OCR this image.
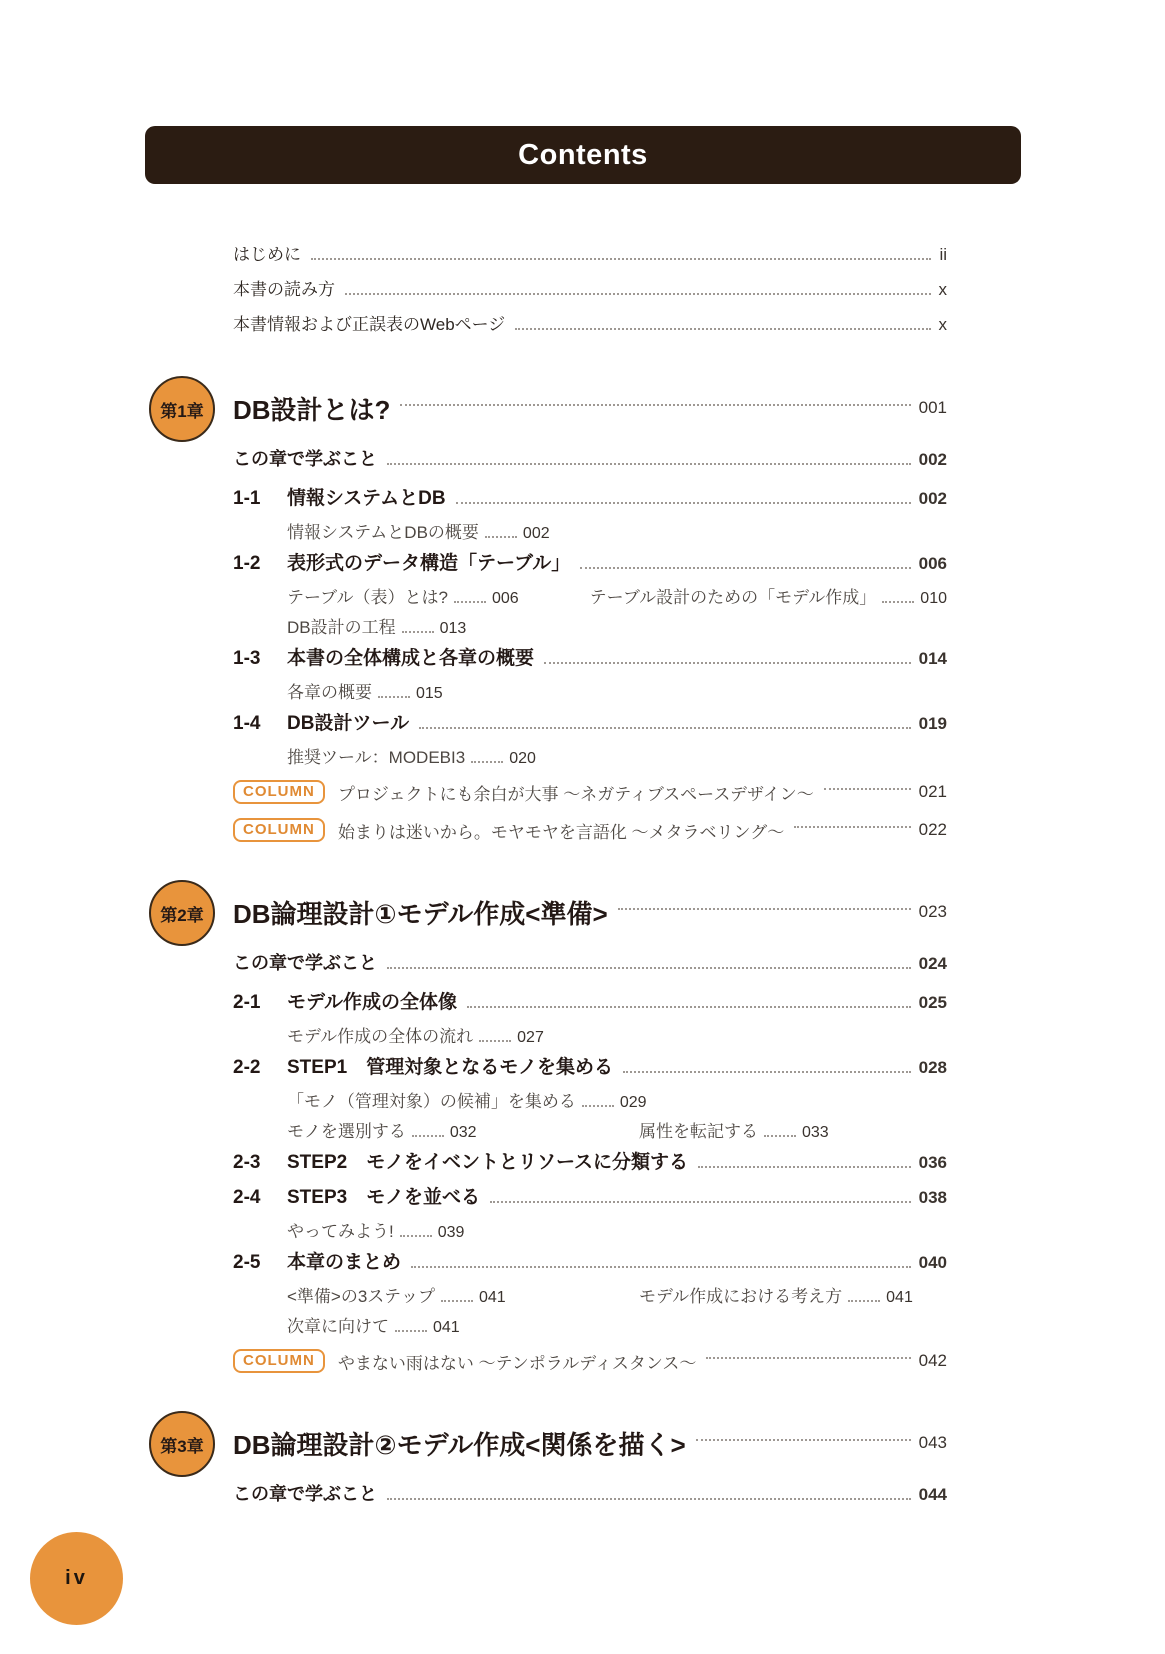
Contents
はじめに	ii
本書の読み方	x
本書情報および正誤表のWebページ	x
第1章 DB設計とは?	001
この章で学ぶこと	002
1-1	情報システムとDB	002
情報システムとDBの概要	002
1-2	表形式のデータ構造「テーブル」	006
テーブル（表）とは?	006	テーブル設計のための「モデル作成」	010
DB設計の工程	013
1-3	本書の全体構成と各章の概要	014
各章の概要	015
1-4	DB設計ツール	019
推奨ツール：MODEBI3	020
COLUMN	プロジェクトにも余白が大事 〜ネガティブスペースデザイン〜	021
COLUMN	始まりは迷いから。モヤモヤを言語化 〜メタラベリング〜	022
第2章 DB論理設計①モデル作成<準備>	023
この章で学ぶこと	024
2-1	モデル作成の全体像	025
モデル作成の全体の流れ	027
2-2	STEP1　管理対象となるモノを集める	028
「モノ（管理対象）の候補」を集める	029
モノを選別する	032	属性を転記する	033
2-3	STEP2　モノをイベントとリソースに分類する	036
2-4	STEP3　モノを並べる	038
やってみよう!	039
2-5	本章のまとめ	040
<準備>の3ステップ	041	モデル作成における考え方	041
次章に向けて	041
COLUMN	やまない雨はない 〜テンポラルディスタンス〜	042
第3章 DB論理設計②モデル作成<関係を描く>	043
この章で学ぶこと	044
iv
